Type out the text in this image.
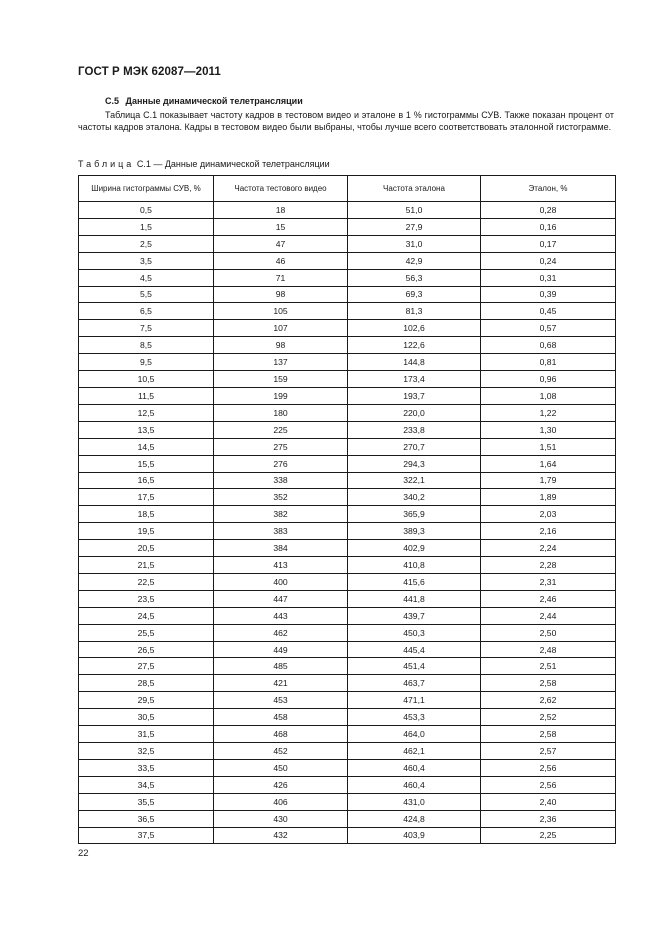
ГОСТ Р МЭК 62087—2011
С.5 Данные динамической телетрансляции
Таблица С.1 показывает частоту кадров в тестовом видео и эталоне в 1 % гистограммы СУВ. Также показан процент от частоты кадров эталона. Кадры в тестовом видео были выбраны, чтобы лучше всего соответствовать эталонной гистограмме.
Таблица С.1 — Данные динамической телетрансляции
Ширина гистограммы СУВ, %	Частота тестового видео	Частота эталона	Эталон, %
0,5	18	51,0	0,28
1,5	15	27,9	0,16
2,5	47	31,0	0,17
3,5	46	42,9	0,24
4,5	71	56,3	0,31
5,5	98	69,3	0,39
6,5	105	81,3	0,45
7,5	107	102,6	0,57
8,5	98	122,6	0,68
9,5	137	144,8	0,81
10,5	159	173,4	0,96
11,5	199	193,7	1,08
12,5	180	220,0	1,22
13,5	225	233,8	1,30
14,5	275	270,7	1,51
15,5	276	294,3	1,64
16,5	338	322,1	1,79
17,5	352	340,2	1,89
18,5	382	365,9	2,03
19,5	383	389,3	2,16
20,5	384	402,9	2,24
21,5	413	410,8	2,28
22,5	400	415,6	2,31
23,5	447	441,8	2,46
24,5	443	439,7	2,44
25,5	462	450,3	2,50
26,5	449	445,4	2,48
27,5	485	451,4	2,51
28,5	421	463,7	2,58
29,5	453	471,1	2,62
30,5	458	453,3	2,52
31,5	468	464,0	2,58
32,5	452	462,1	2,57
33,5	450	460,4	2,56
34,5	426	460,4	2,56
35,5	406	431,0	2,40
36,5	430	424,8	2,36
37,5	432	403,9	2,25
22
